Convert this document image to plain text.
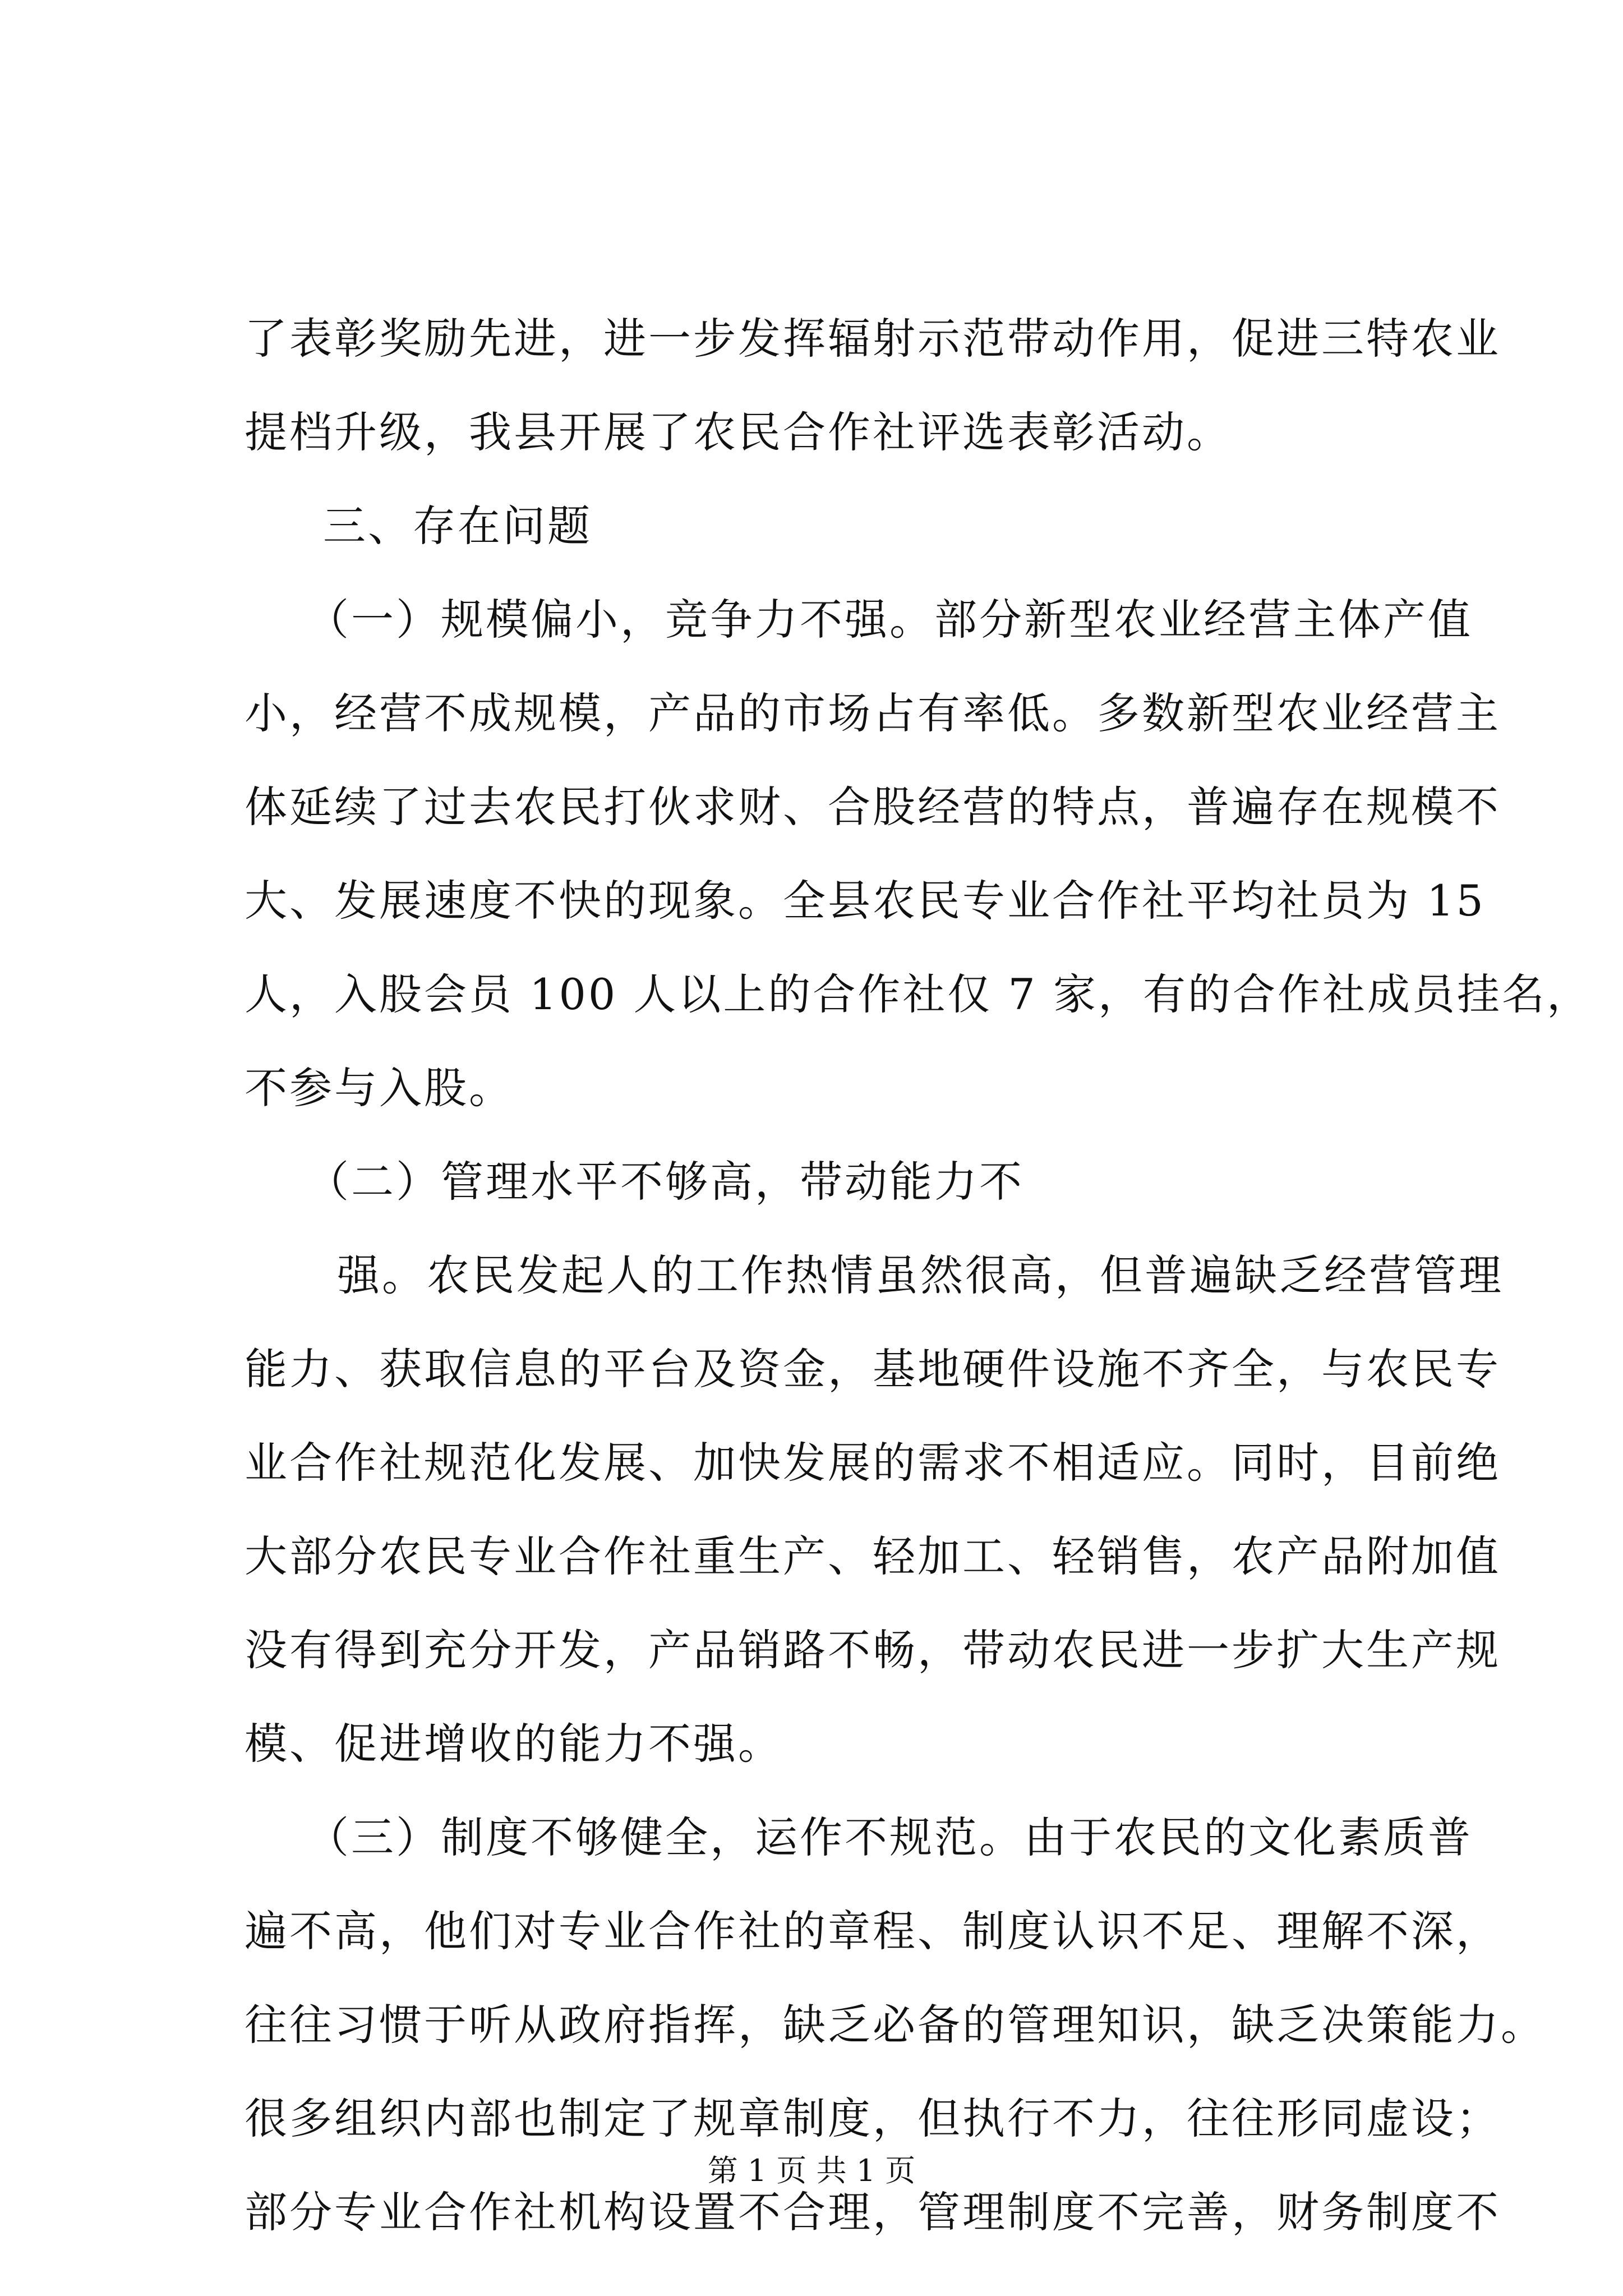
了表彰奖励先进，进一步发挥辐射示范带动作用，促进三特农业
提档升级，我县开展了农民合作社评选表彰活动。
三、存在问题
（一）规模偏小，竞争力不强。部分新型农业经营主体产值
小，经营不成规模，产品的市场占有率低。多数新型农业经营主
体延续了过去农民打伙求财、合股经营的特点，普遍存在规模不
大、发展速度不快的现象。全县农民专业合作社平均社员为 15
人，入股会员 100 人以上的合作社仅 7 家，有的合作社成员挂名，
不参与入股。
（二）管理水平不够高，带动能力不
强。农民发起人的工作热情虽然很高，但普遍缺乏经营管理
能力、获取信息的平台及资金，基地硬件设施不齐全，与农民专
业合作社规范化发展、加快发展的需求不相适应。同时，目前绝
大部分农民专业合作社重生产、轻加工、轻销售，农产品附加值
没有得到充分开发，产品销路不畅，带动农民进一步扩大生产规
模、促进增收的能力不强。
（三）制度不够健全，运作不规范。由于农民的文化素质普
遍不高，他们对专业合作社的章程、制度认识不足、理解不深，
往往习惯于听从政府指挥，缺乏必备的管理知识，缺乏决策能力。
很多组织内部也制定了规章制度，但执行不力，往往形同虚设；
部分专业合作社机构设置不合理，管理制度不完善，财务制度不
第 1 页 共 1 页
